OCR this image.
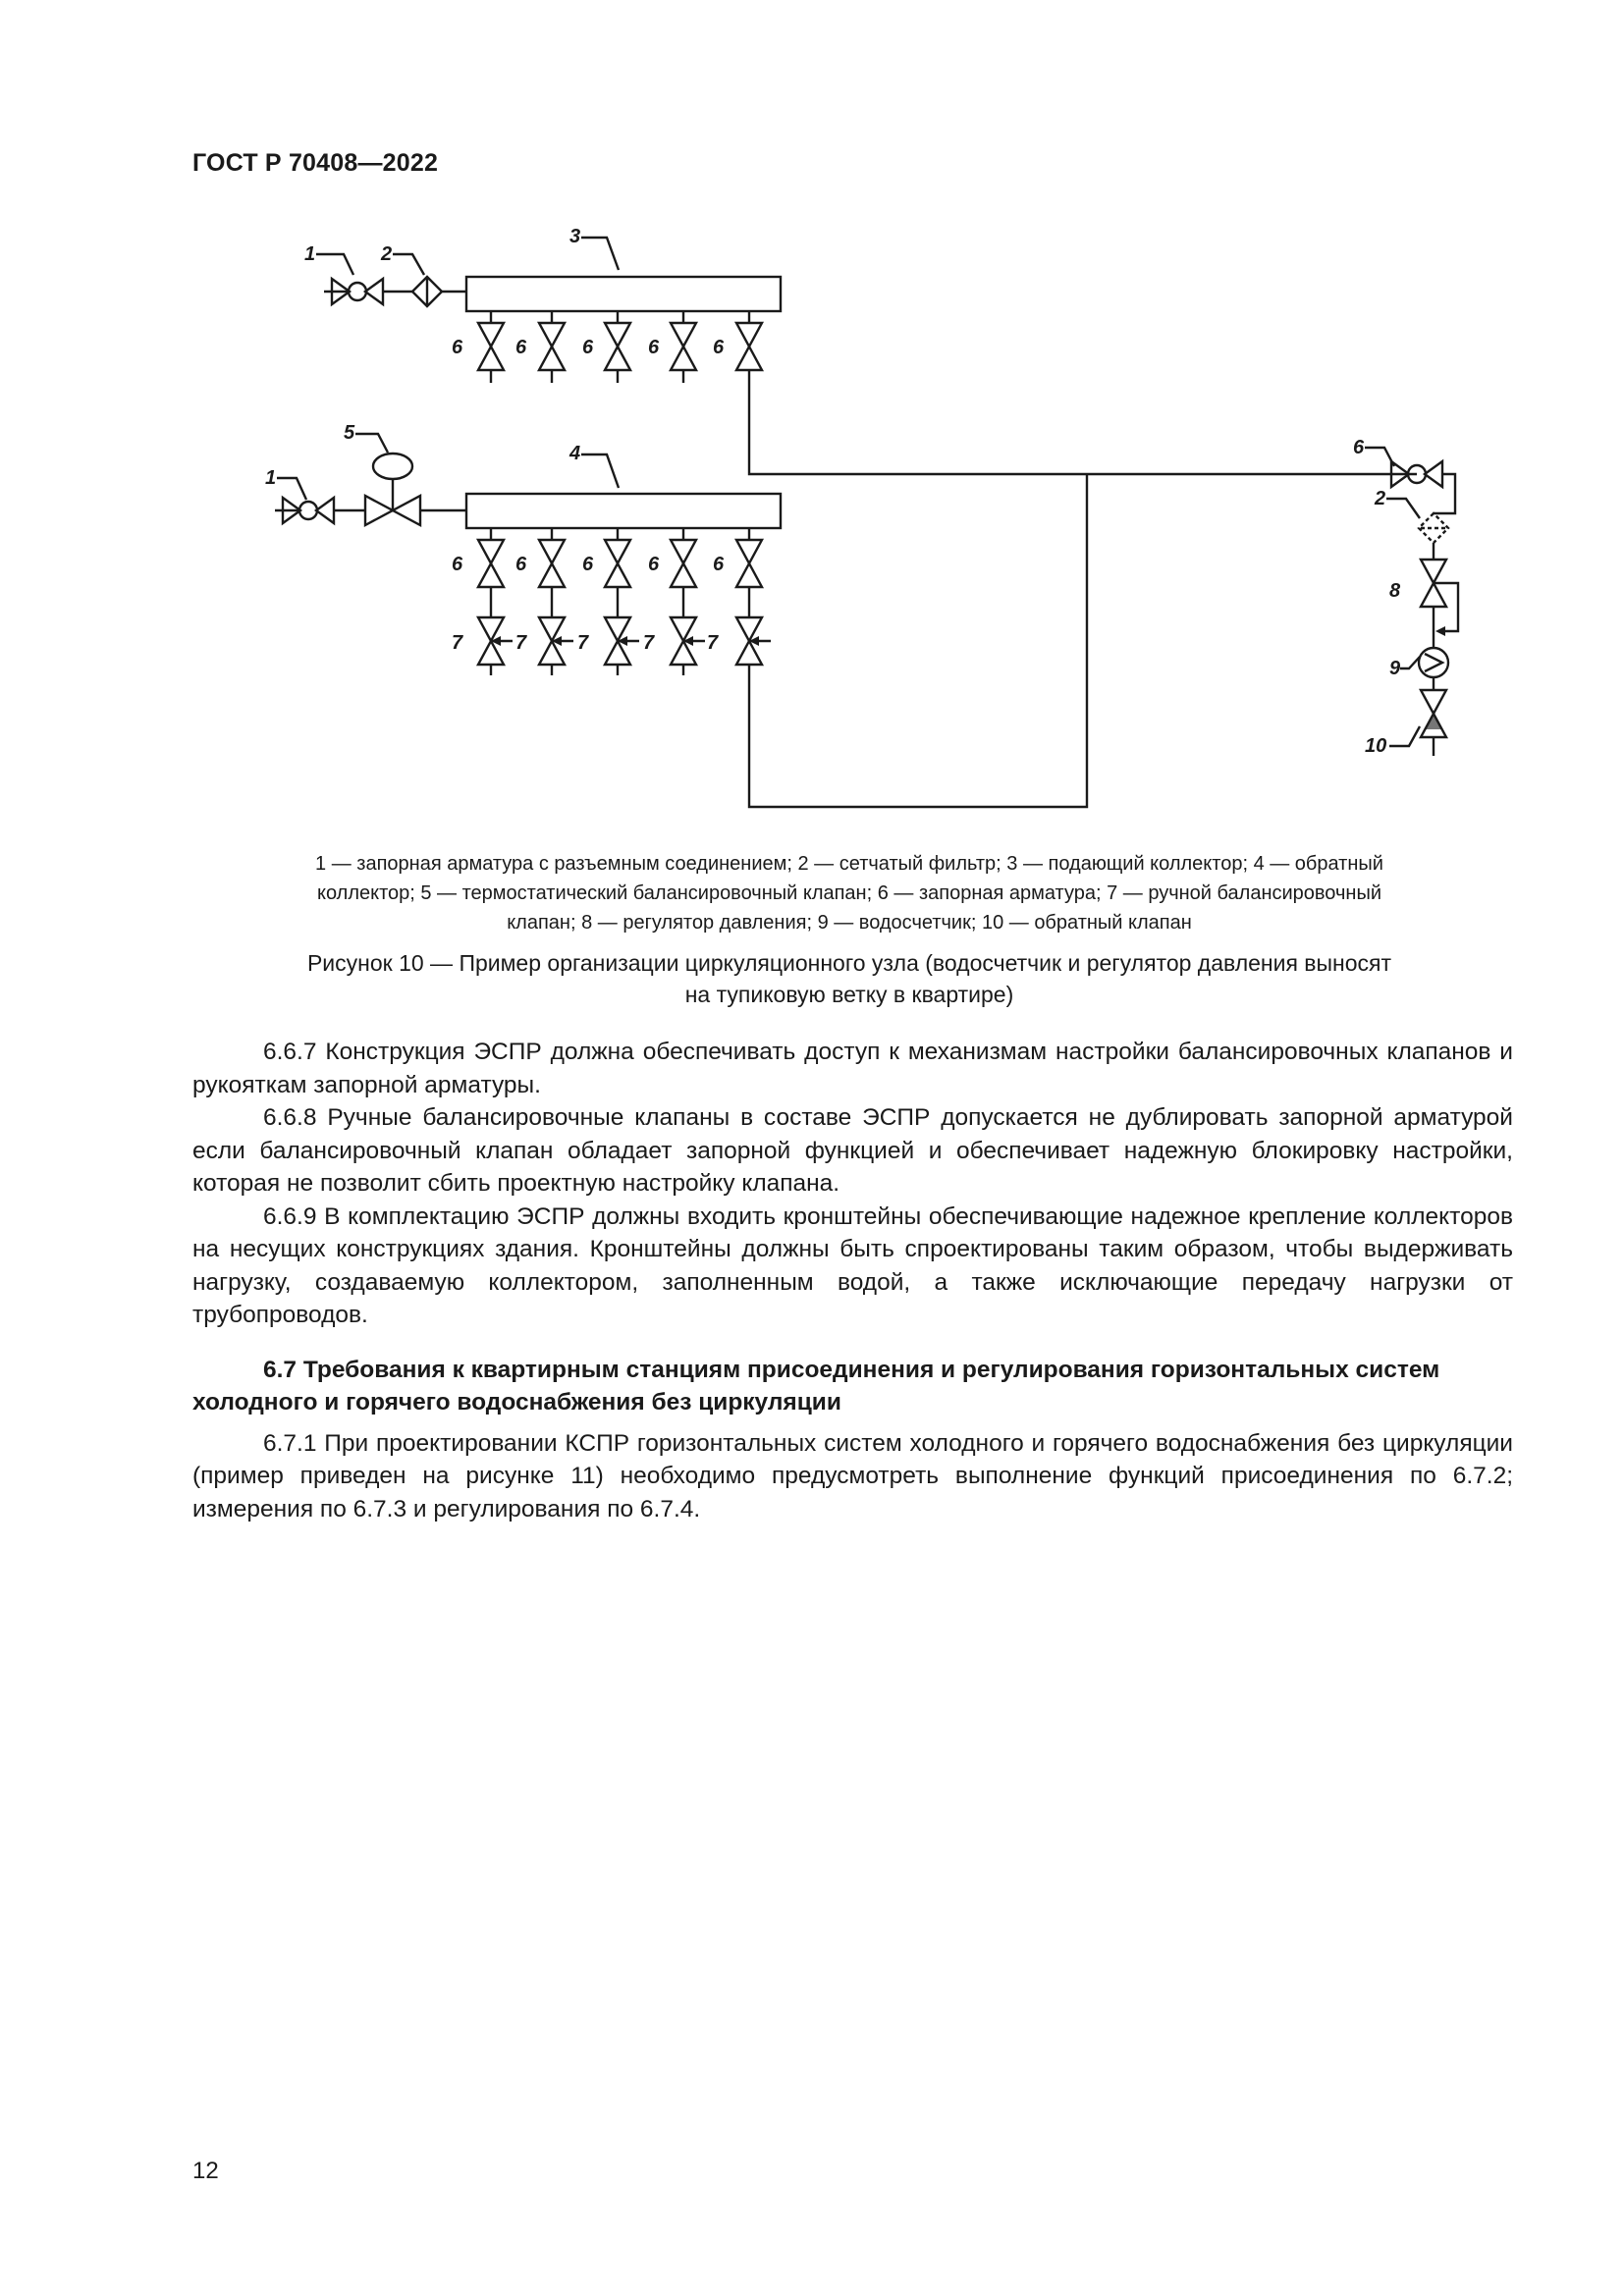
ГОСТ Р 70408—2022
1	2
3
6	6	6	6	6
5
1
4
6	6	6	6	6
7	7	7	7	7
6
2
8
9
10
1 — запорная арматура с разъемным соединением; 2 — сетчатый фильтр; 3 — подающий коллектор; 4 — обратный
коллектор; 5 — термостатический балансировочный клапан; 6 — запорная арматура; 7 — ручной балансировочный
клапан; 8 — регулятор давления; 9 — водосчетчик; 10 — обратный клапан
Рисунок 10 — Пример организации циркуляционного узла (водосчетчик и регулятор давления выносят
на тупиковую ветку в квартире)

6.6.7 Конструкция ЭСПР должна обеспечивать доступ к механизмам настройки балансировочных клапанов и рукояткам запорной арматуры.

6.6.8 Ручные балансировочные клапаны в составе ЭСПР допускается не дублировать запорной арматурой если балансировочный клапан обладает запорной функцией и обеспечивает надежную блокировку настройки, которая не позволит сбить проектную настройку клапана.

6.6.9 В комплектацию ЭСПР должны входить кронштейны обеспечивающие надежное крепление коллекторов на несущих конструкциях здания. Кронштейны должны быть спроектированы таким образом, чтобы выдерживать нагрузку, создаваемую коллектором, заполненным водой, а также исключающие передачу нагрузки от трубопроводов.

6.7 Требования к квартирным станциям присоединения и регулирования горизонтальных систем холодного и горячего водоснабжения без циркуляции

6.7.1 При проектировании КСПР горизонтальных систем холодного и горячего водоснабжения без циркуляции (пример приведен на рисунке 11) необходимо предусмотреть выполнение функций присоединения по 6.7.2; измерения по 6.7.3 и регулирования по 6.7.4.

12
